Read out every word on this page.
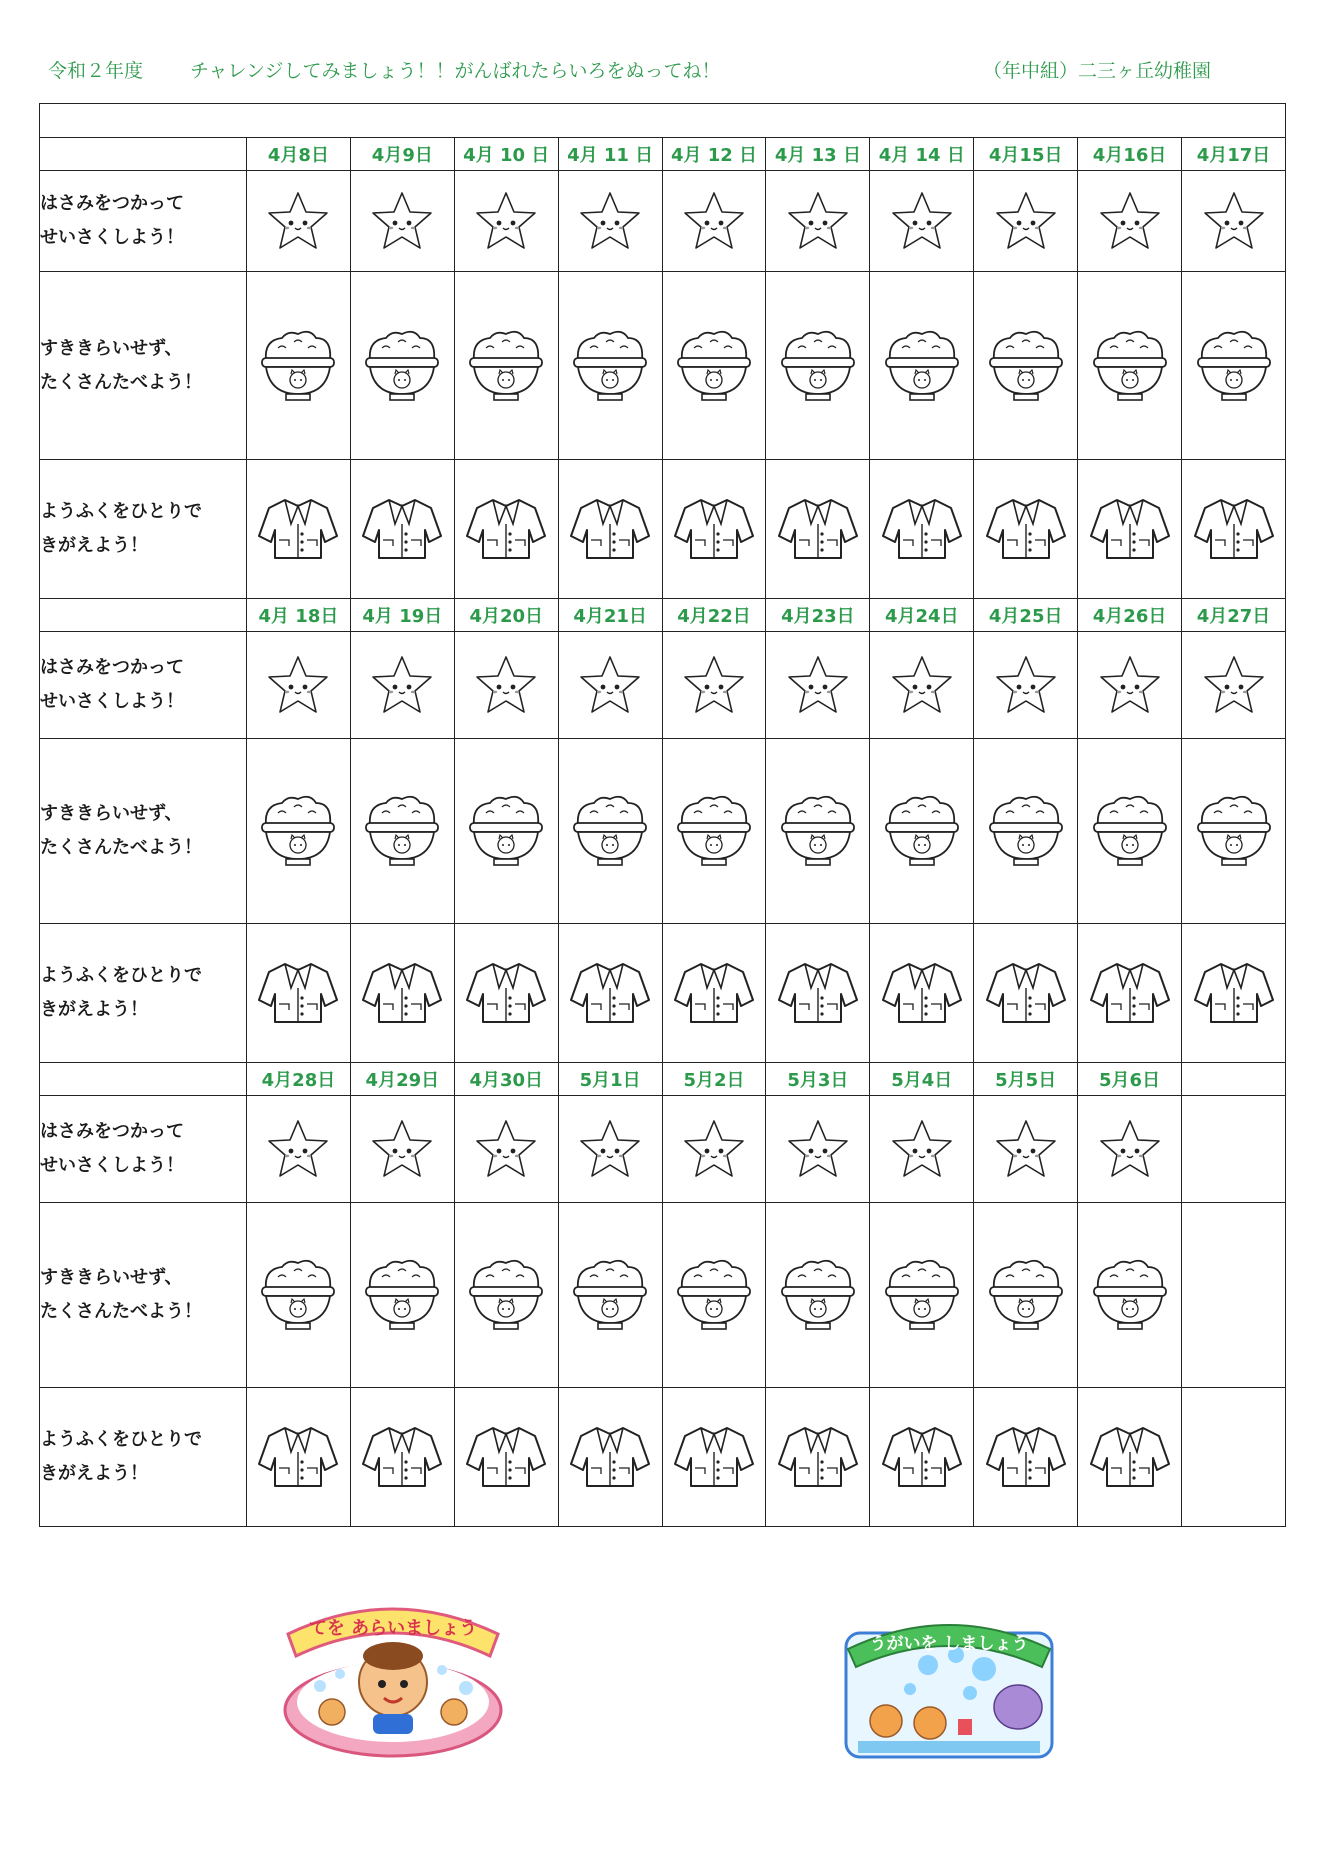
令和２年度 チャレンジしてみましょう！！がんばれたらいろをぬってね！	（年中組）二三ヶ丘幼稚園

	4月8日	4月9日	4月 10 日	4月 11 日	4月 12 日	4月 13 日	4月 14 日	4月15日	4月16日	4月17日

はさみをつかって
せいさくしよう！

すききらいせず、
たくさんたべよう！

ようふくをひとりで
きがえよう！

	4月 18日	4月 19日	4月20日	4月21日	4月22日	4月23日	4月24日	4月25日	4月26日	4月27日

はさみをつかって
せいさくしよう！

すききらいせず、
たくさんたべよう！

ようふくをひとりで
きがえよう！

	4月28日	4月29日	4月30日	5月1日	5月2日	5月3日	5月4日	5月5日	5月6日	

はさみをつかって
せいさくしよう！

すききらいせず、
たくさんたべよう！

ようふくをひとりで
きがえよう！

てを あらいましょう
うがいを しましょう
